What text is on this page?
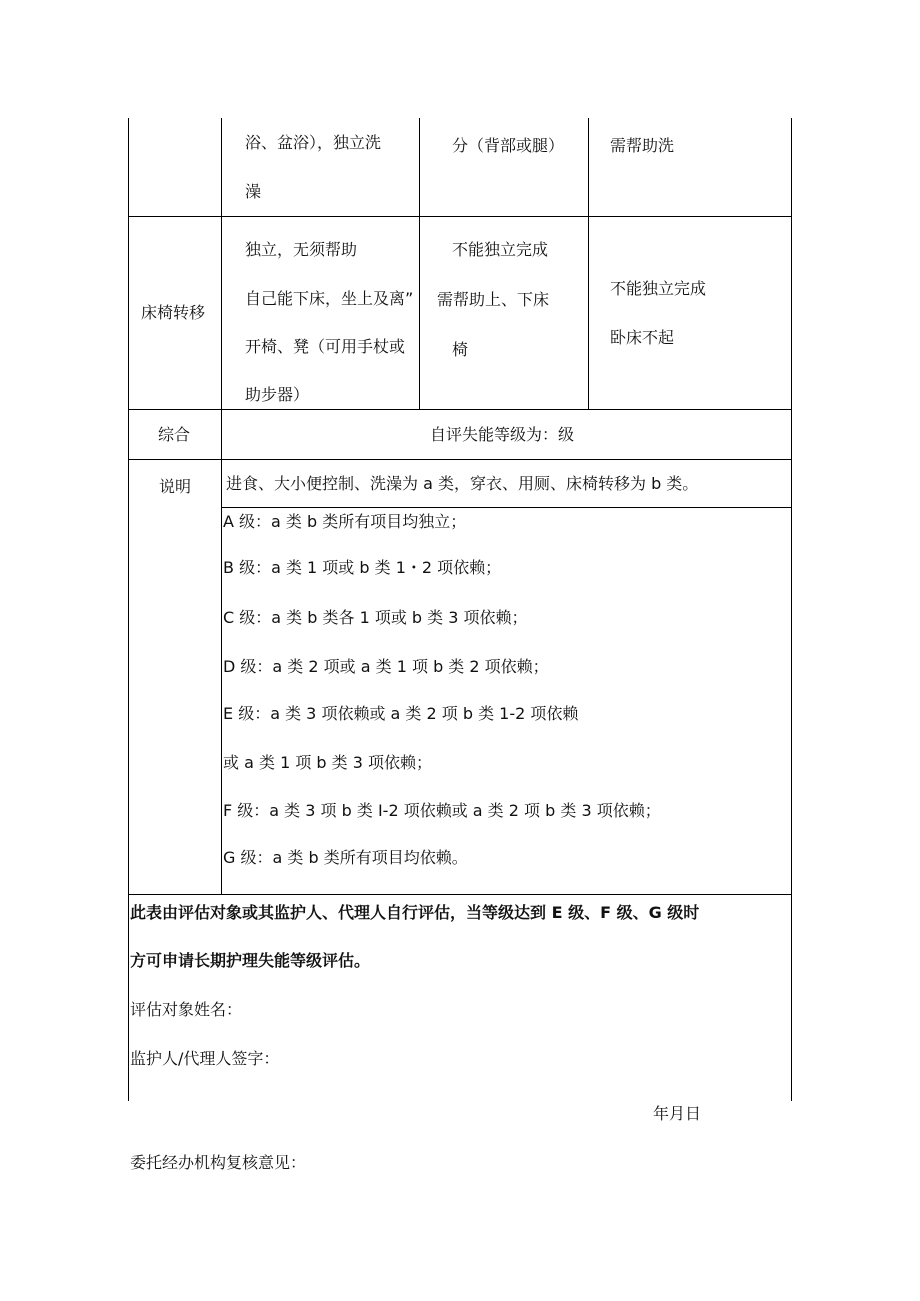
浴、盆浴），独立洗
澡
分（背部或腿）	需帮助洗
床椅转移
独立，无须帮助
自己能下床，坐上及离”
开椅、凳（可用手杖或
助步器）
不能独立完成
需帮助上、下床
椅
不能独立完成
卧床不起
综合	自评失能等级为：级
说明 进食、大小便控制、洗澡为 a 类，穿衣、用厕、床椅转移为 b 类。
A 级：a 类 b 类所有项目均独立；
B 级：a 类 1 项或 b 类 1・2 项依赖；
C 级：a 类 b 类各 1 项或 b 类 3 项依赖；
D 级：a 类 2 项或 a 类 1 项 b 类 2 项依赖；
E 级：a 类 3 项依赖或 a 类 2 项 b 类 1-2 项依赖
或 a 类 1 项 b 类 3 项依赖；
F 级：a 类 3 项 b 类 I-2 项依赖或 a 类 2 项 b 类 3 项依赖；
G 级：a 类 b 类所有项目均依赖。
此表由评估对象或其监护人、代理人自行评估，当等级达到 E 级、F 级、G 级时
方可申请长期护理失能等级评估。
评估对象姓名：
监护人/代理人签字：
年月日
委托经办机构复核意见：
